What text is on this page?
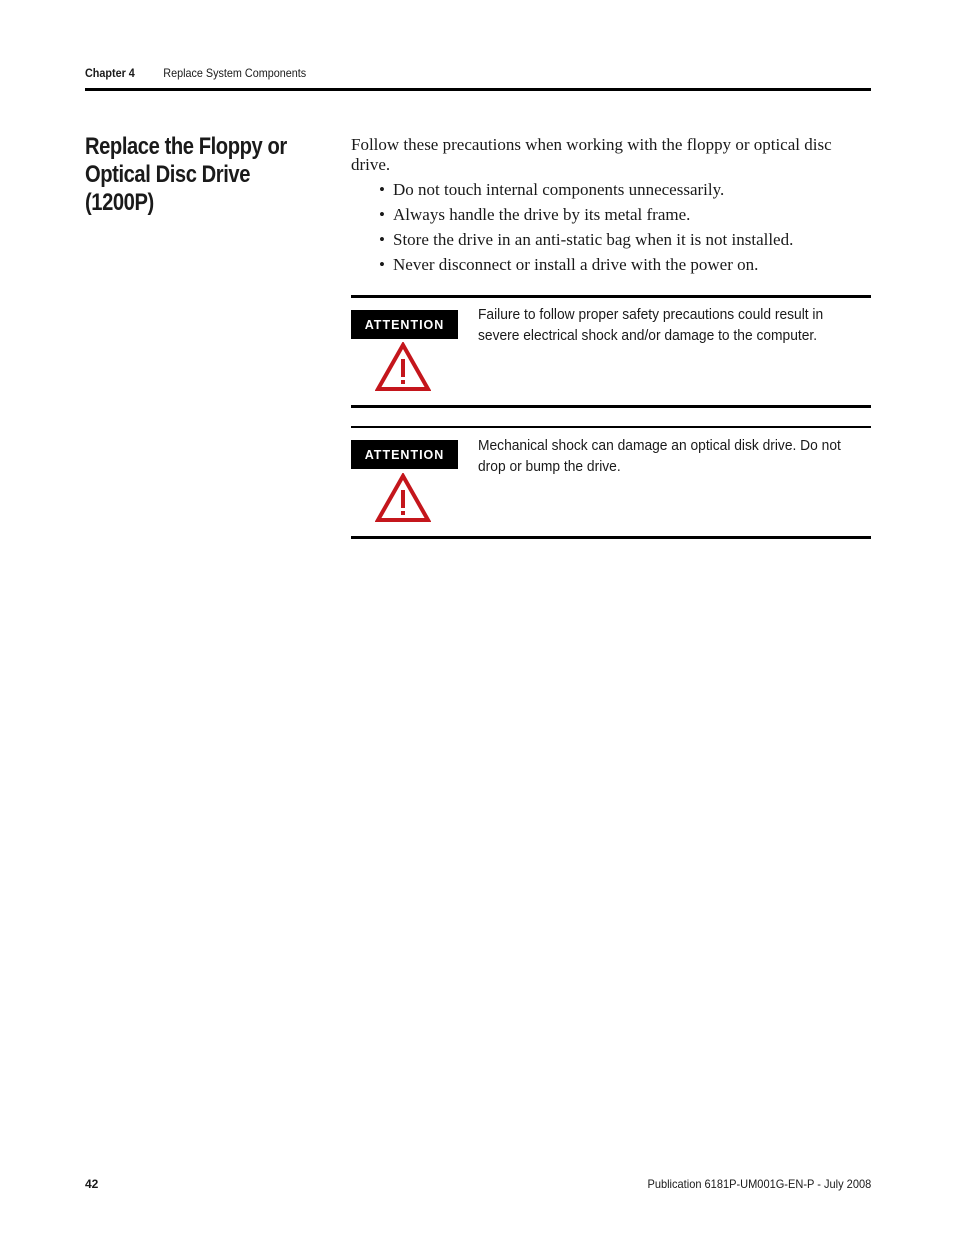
Chapter 4 Replace System Components
Replace the Floppy or
Optical Disc Drive (1200P)
Follow these precautions when working with the floppy or optical disc drive.
• Do not touch internal components unnecessarily.
• Always handle the drive by its metal frame.
• Store the drive in an anti-static bag when it is not installed.
• Never disconnect or install a drive with the power on.
ATTENTION
Failure to follow proper safety precautions could result in severe electrical shock and/or damage to the computer.
ATTENTION
Mechanical shock can damage an optical disk drive. Do not drop or bump the drive.
42	Publication 6181P-UM001G-EN-P - July 2008
